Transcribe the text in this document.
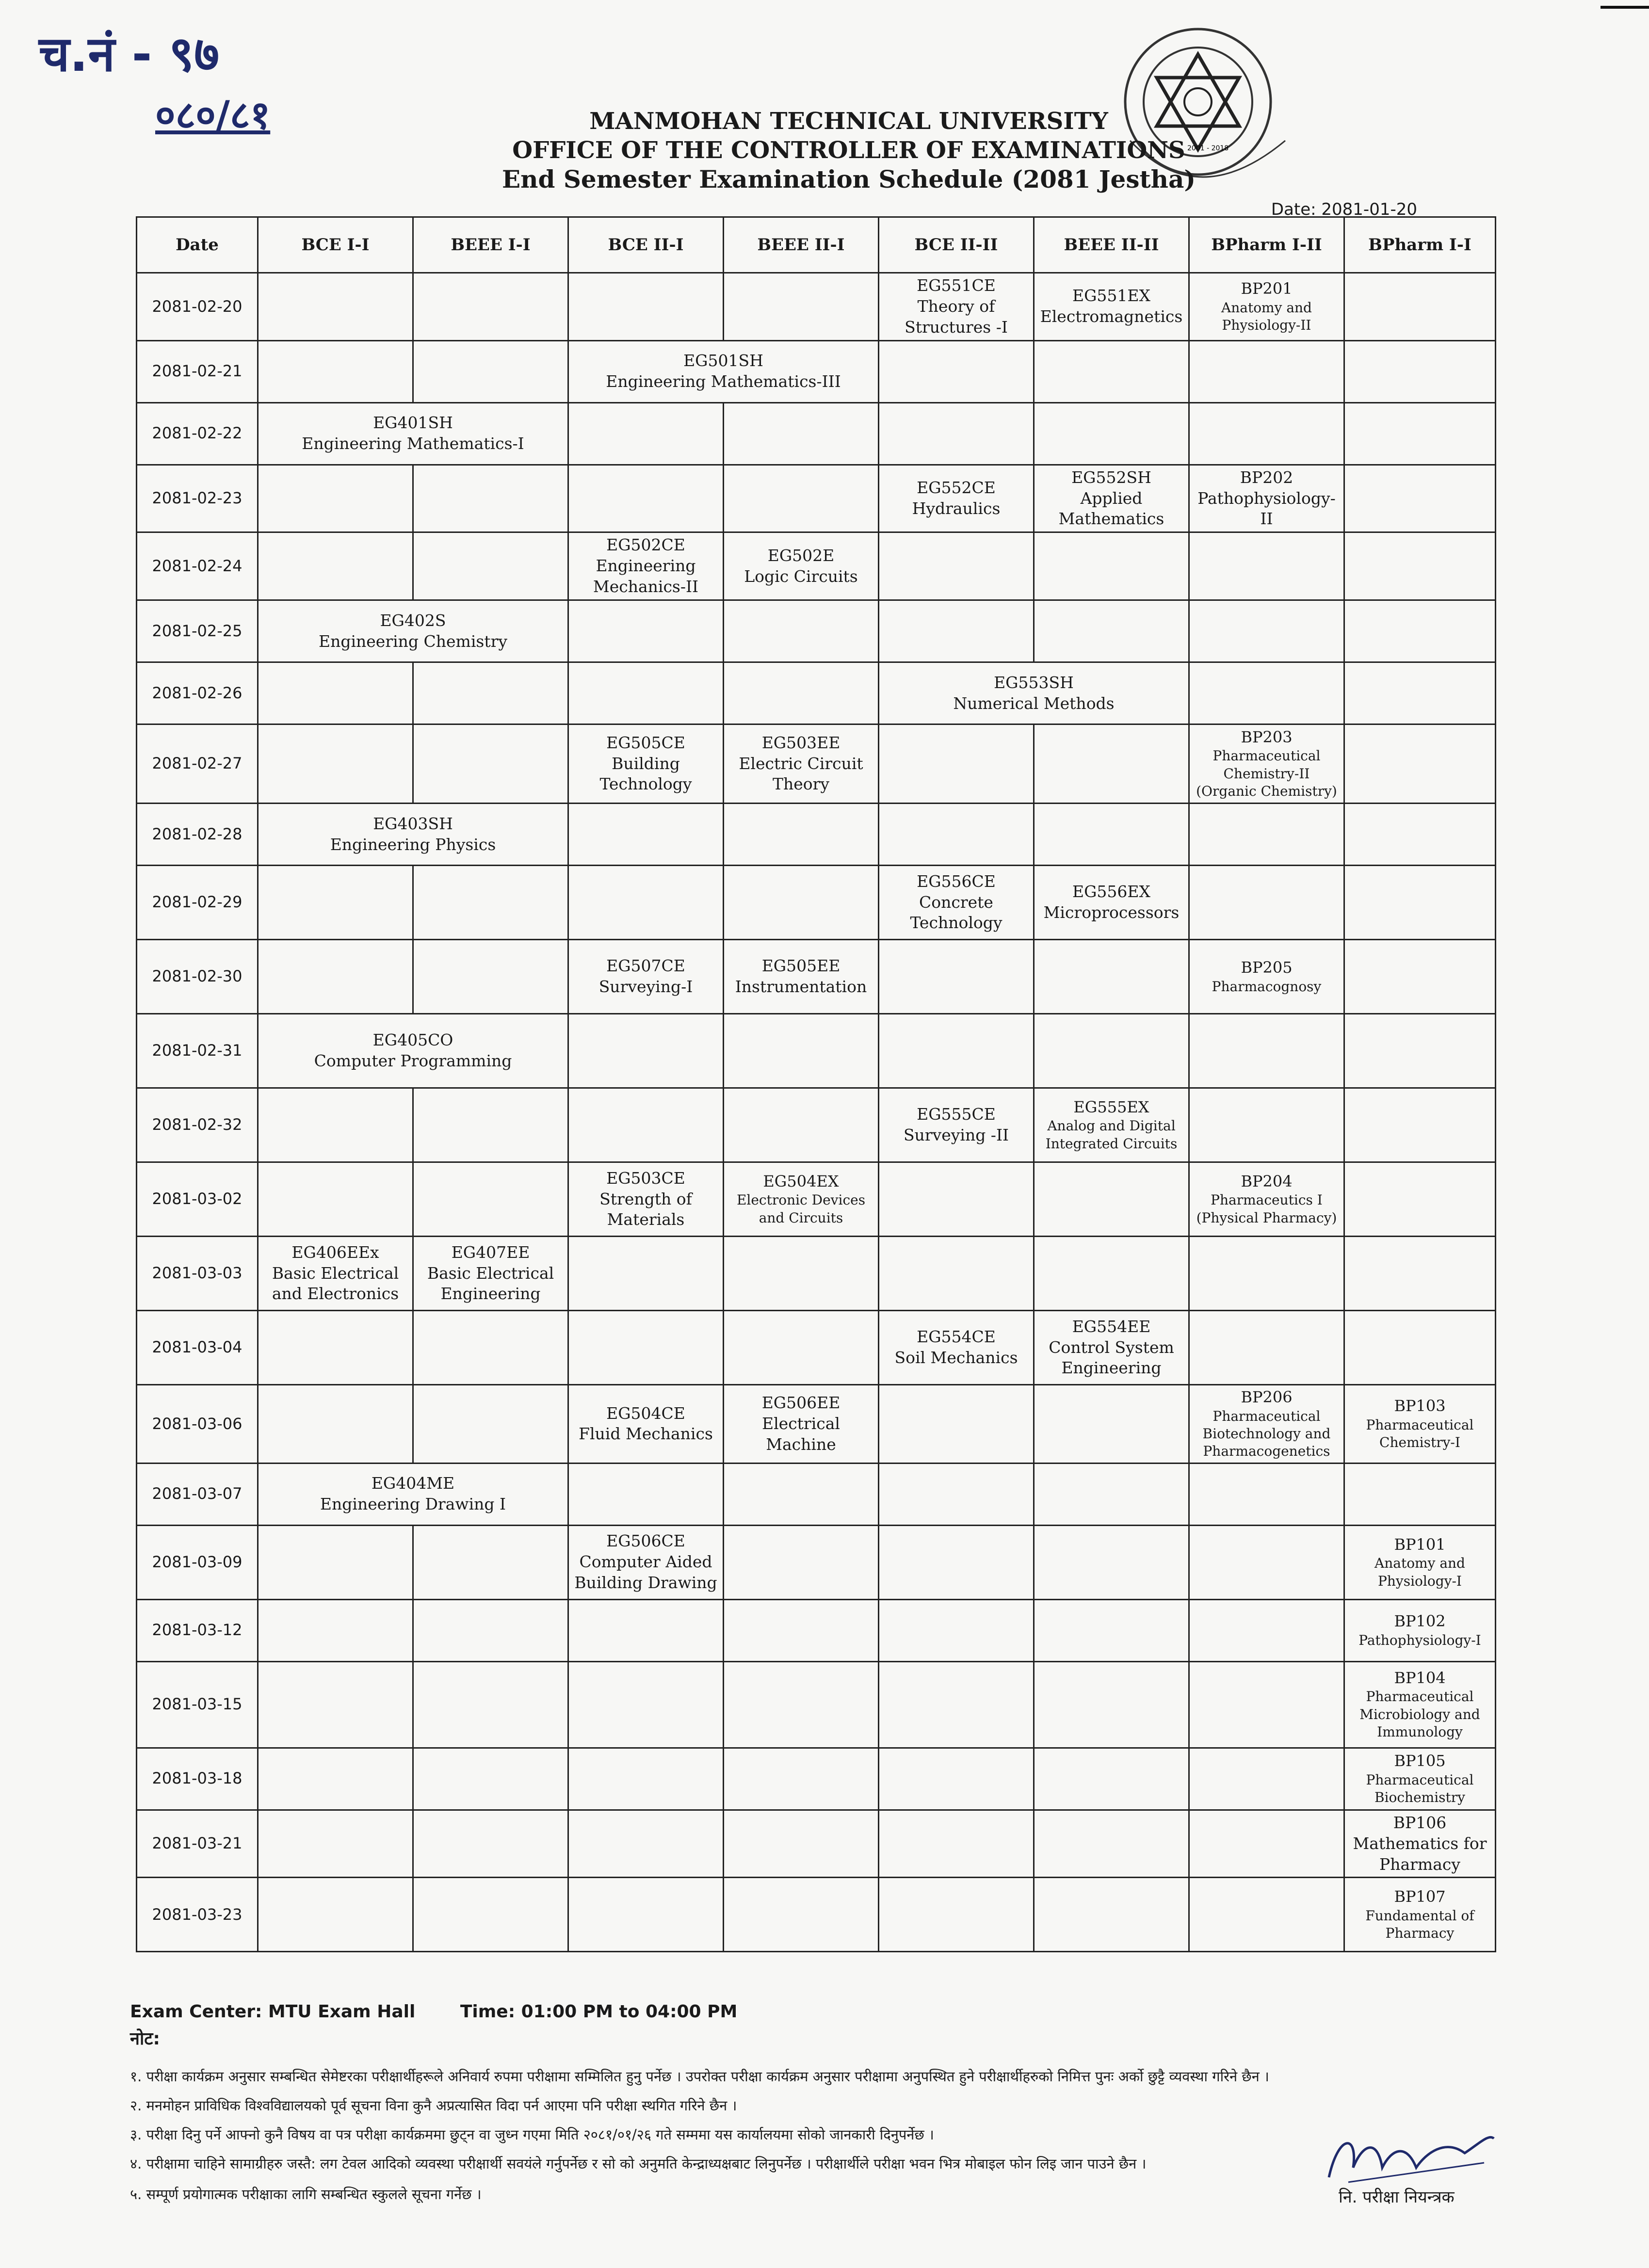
च.नं - ९७
०८०/८१
2001 - 2018
MANMOHAN TECHNICAL UNIVERSITY
OFFICE OF THE CONTROLLER OF EXAMINATIONS
End Semester Examination Schedule (2081 Jestha)
Date: 2081-01-20
Date	BCE I-I	BEEE I-I	BCE II-I	BEEE II-I	BCE II-II	BEEE II-II	BPharm I-II	BPharm I-I
2081-02-20					EG551CE
Theory of Structures -I	EG551EX
Electromagnetics	BP201
Anatomy and Physiology-II	

2081-02-21			EG501SH
Engineering Mathematics-III					

2081-02-22	EG401SH
Engineering Mathematics-I							

2081-02-23					EG552CE
Hydraulics	EG552SH
Applied Mathematics	BP202
Pathophysiology-II	

2081-02-24			EG502CE
Engineering Mechanics-II	EG502E
Logic Circuits				

2081-02-25	EG402S
Engineering Chemistry							

2081-02-26					EG553SH
Numerical Methods			

2081-02-27			EG505CE
Building Technology	EG503EE
Electric Circuit Theory			BP203
Pharmaceutical Chemistry-II (Organic Chemistry)	

2081-02-28	EG403SH
Engineering Physics							

2081-02-29					EG556CE
Concrete Technology	EG556EX
Microprocessors		

2081-02-30			EG507CE
Surveying-I	EG505EE
Instrumentation			BP205
Pharmacognosy	

2081-02-31	EG405CO
Computer Programming							

2081-02-32					EG555CE
Surveying -II	EG555EX
Analog and Digital Integrated Circuits		

2081-03-02			EG503CE
Strength of Materials	EG504EX
Electronic Devices and Circuits			BP204
Pharmaceutics I (Physical Pharmacy)	

2081-03-03	EG406EEx
Basic Electrical and Electronics	EG407EE
Basic Electrical Engineering						

2081-03-04					EG554CE
Soil Mechanics	EG554EE
Control System Engineering		

2081-03-06			EG504CE
Fluid Mechanics	EG506EE
Electrical Machine			BP206
Pharmaceutical Biotechnology and Pharmacogenetics	BP103
Pharmaceutical Chemistry-I

2081-03-07	EG404ME
Engineering Drawing I							

2081-03-09			EG506CE
Computer Aided Building Drawing					BP101
Anatomy and Physiology-I

2081-03-12								BP102
Pathophysiology-I

2081-03-15								BP104
Pharmaceutical Microbiology and Immunology

2081-03-18								BP105
Pharmaceutical Biochemistry

2081-03-21								BP106
Mathematics for Pharmacy

2081-03-23								BP107
Fundamental of Pharmacy
Exam Center: MTU Exam Hall	Time: 01:00 PM to 04:00 PM
नोट:
१. परीक्षा कार्यक्रम अनुसार सम्बन्धित सेमेष्टरका परीक्षार्थीहरूले अनिवार्य रुपमा परीक्षामा सम्मिलित हुनु पर्नेछ । उपरोक्त परीक्षा कार्यक्रम अनुसार परीक्षामा अनुपस्थित हुने परीक्षार्थीहरुको निमित्त पुनः अर्को छुट्टै व्यवस्था गरिने छैन ।
२. मनमोहन प्राविधिक विश्वविद्यालयको पूर्व सूचना विना कुनै अप्रत्यासित विदा पर्न आएमा पनि परीक्षा स्थगित गरिने छैन ।
३. परीक्षा दिनु पर्ने आफ्नो कुनै विषय वा पत्र परीक्षा कार्यक्रममा छुट्न वा जुध्न गएमा मिति २०८१/०१/२६ गते सम्ममा यस कार्यालयमा सोको जानकारी दिनुपर्नेछ ।
४. परीक्षामा चाहिने सामाग्रीहरु जस्तै: लग टेवल आदिको व्यवस्था परीक्षार्थी सवयंले गर्नुपर्नेछ र सो को अनुमति केन्द्राध्यक्षबाट लिनुपर्नेछ । परीक्षार्थीले परीक्षा भवन भित्र मोबाइल फोन लिइ जान पाउने छैन ।
५. सम्पूर्ण प्रयोगात्मक परीक्षाका लागि सम्बन्धित स्कुलले सूचना गर्नेछ ।	नि. परीक्षा नियन्त्रक
